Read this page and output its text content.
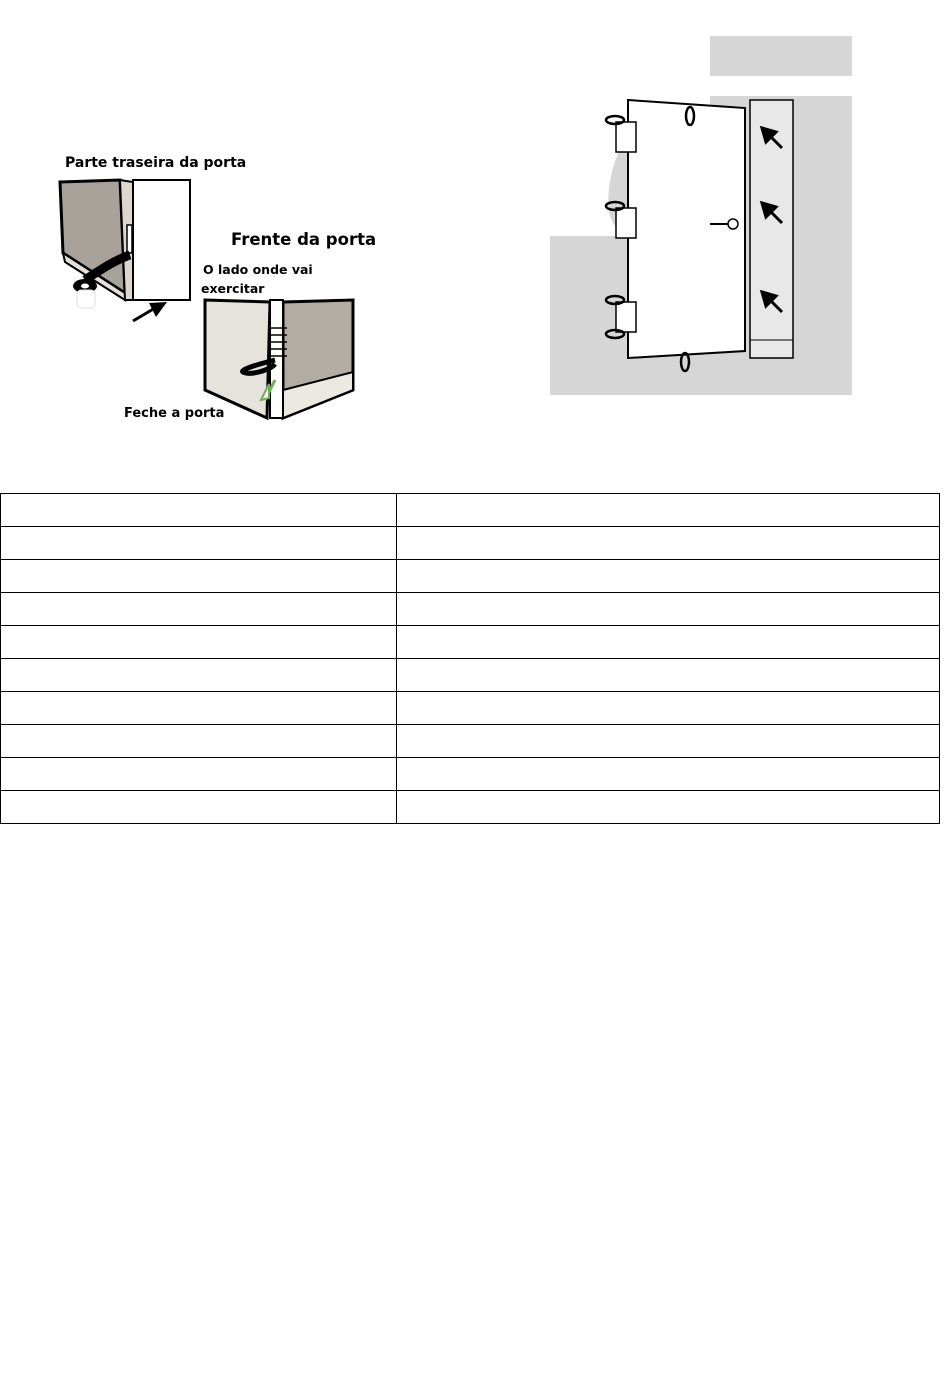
Parte traseira da porta
Frente da porta
O lado onde vai
exercitar
Feche a porta
